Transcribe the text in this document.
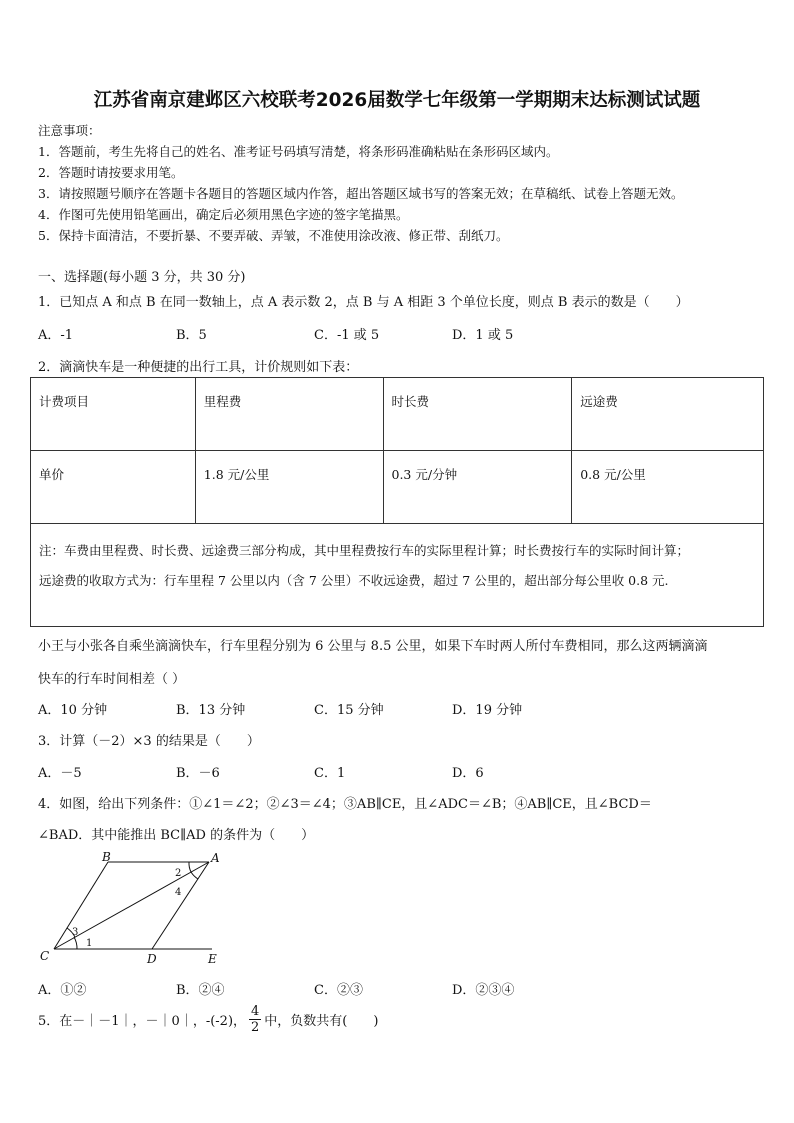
江苏省南京建邺区六校联考2026届数学七年级第一学期期末达标测试试题
注意事项：
1．答题前，考生先将自己的姓名、准考证号码填写清楚，将条形码准确粘贴在条形码区域内。
2．答题时请按要求用笔。
3．请按照题号顺序在答题卡各题目的答题区域内作答，超出答题区域书写的答案无效；在草稿纸、试卷上答题无效。
4．作图可先使用铅笔画出，确定后必须用黑色字迹的签字笔描黑。
5．保持卡面清洁，不要折暴、不要弄破、弄皱，不准使用涂改液、修正带、刮纸刀。
一、选择题(每小题 3 分，共 30 分)
1．已知点 A 和点 B 在同一数轴上，点 A 表示数 2，点 B 与 A 相距 3 个单位长度，则点 B 表示的数是（　　）
A．-1	B．5	C．-1 或 5	D．1 或 5
2．滴滴快车是一种便捷的出行工具，计价规则如下表：
计费项目	里程费	时长费	远途费
单价	1.8 元/公里	0.3 元/分钟	0.8 元/公里

注：车费由里程费、时长费、远途费三部分构成，其中里程费按行车的实际里程计算；时长费按行车的实际时间计算；
远途费的收取方式为：行车里程 7 公里以内（含 7 公里）不收远途费，超过 7 公里的，超出部分每公里收 0.8 元.			
小王与小张各自乘坐滴滴快车，行车里程分别为 6 公里与 8.5 公里，如果下车时两人所付车费相同，那么这两辆滴滴
快车的行车时间相差（ ）
A．10 分钟	B．13 分钟	C．15 分钟	D．19 分钟
3．计算（－2）×3 的结果是（　　）
A．－5	B．－6	C．1	D．6
4．如图，给出下列条件：①∠1＝∠2；②∠3＝∠4；③AB∥CE，且∠ADC＝∠B；④AB∥CE，且∠BCD＝
∠BAD．其中能推出 BC∥AD 的条件为（　　）
B	A
C	D	E
1
2
3
4
A．①②	B．②④	C．②③	D．②③④
5．在－｜－1｜，－｜0｜，-(-2)， $\frac{4}{2}$ 中，负数共有(　　)
